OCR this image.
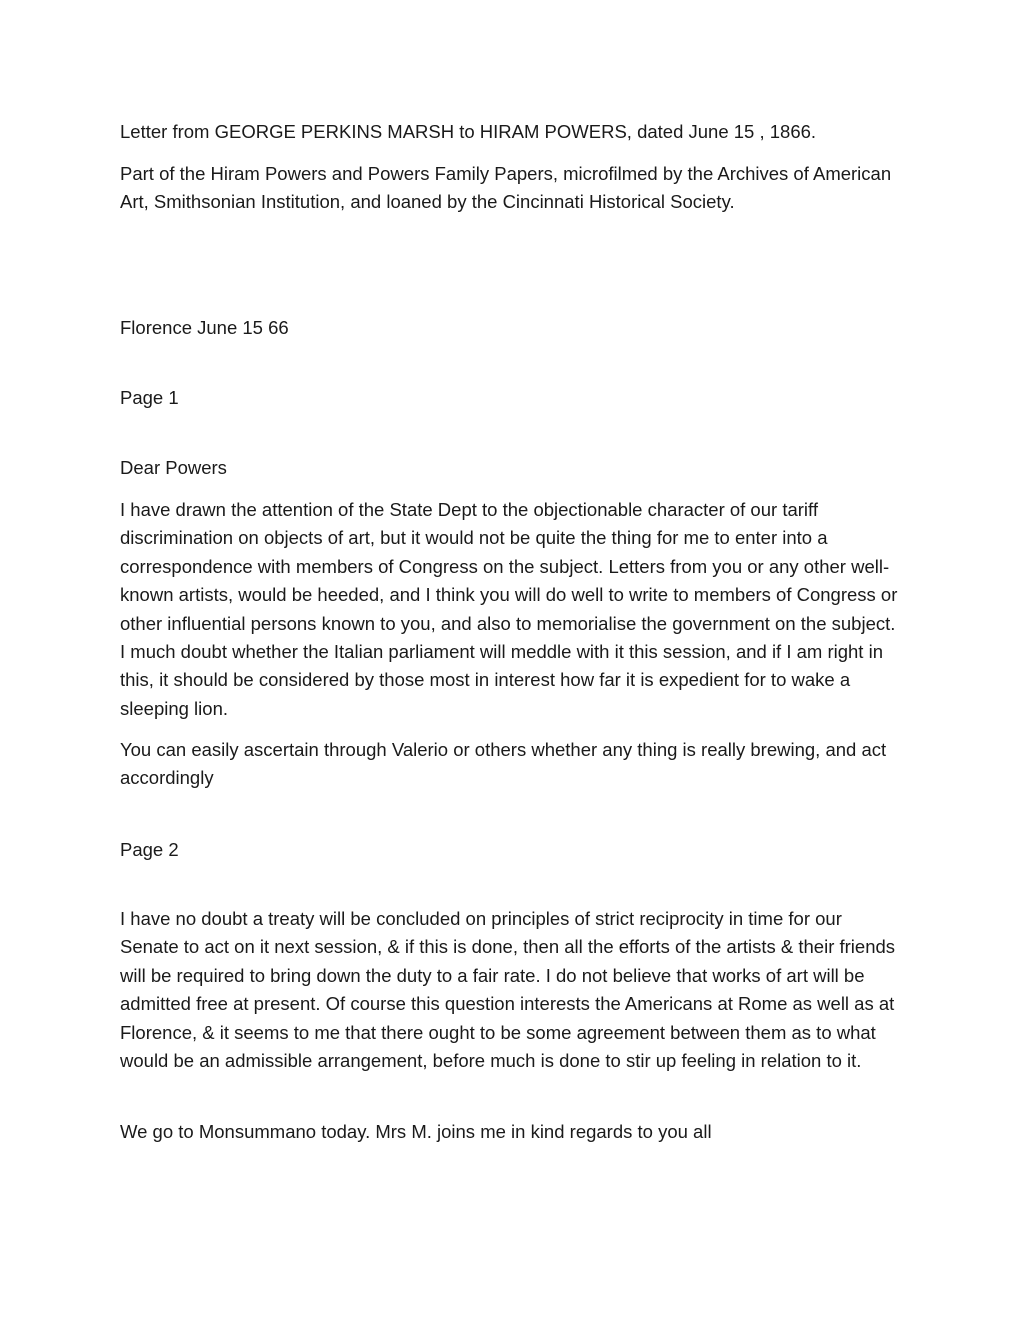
Letter from GEORGE PERKINS MARSH to HIRAM POWERS, dated June 15 , 1866.

Part of the Hiram Powers and Powers Family Papers, microfilmed by the Archives of American Art, Smithsonian Institution, and loaned by the Cincinnati Historical Society.

Florence June 15 66

Page 1

Dear Powers

I have drawn the attention of the State Dept to the objectionable character of our tariff discrimination on objects of art, but it would not be quite the thing for me to enter into a correspondence with members of Congress on the subject. Letters from you or any other well-known artists, would be heeded, and I think you will do well to write to members of Congress or other influential persons known to you, and also to memorialise the government on the subject. I much doubt whether the Italian parliament will meddle with it this session, and if I am right in this, it should be considered by those most in interest how far it is expedient for to wake a sleeping lion.

You can easily ascertain through Valerio or others whether any thing is really brewing, and act accordingly

Page 2

I have no doubt a treaty will be concluded on principles of strict reciprocity in time for our Senate to act on it next session, & if this is done, then all the efforts of the artists & their friends will be required to bring down the duty to a fair rate. I do not believe that works of art will be admitted free at present. Of course this question interests the Americans at Rome as well as at Florence, & it seems to me that there ought to be some agreement between them as to what would be an admissible arrangement, before much is done to stir up feeling in relation to it.

We go to Monsummano today. Mrs M. joins me in kind regards to you all
